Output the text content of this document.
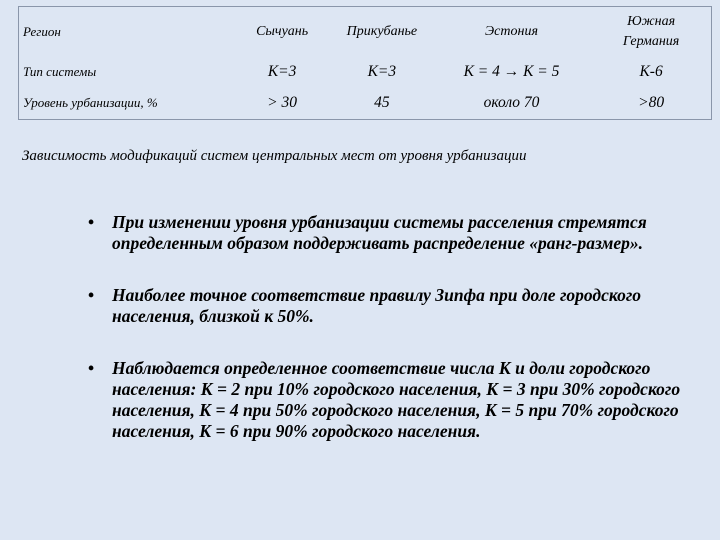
Регион	Сычуань	Прикубанье	Эстония	Южная Германия
Тип системы	К=3	К=3	К = 4 → К = 5	К-6
Уровень урбанизации, %	> 30	45	около 70	>80
Зависимость модификаций систем центральных мест от уровня урбанизации
• При изменении уровня урбанизации системы расселения стремятся определенным образом поддерживать распределение «ранг-размер».
• Наиболее точное соответствие правилу Зипфа при доле городского населения, близкой к 50%.
• Наблюдается определенное соответствие числа К и доли городского населения: К = 2 при 10% городского населения, К = 3 при 30% городского населения, К = 4 при 50% городского населения, К = 5 при 70% городского населения, К = 6 при 90% городского населения.
